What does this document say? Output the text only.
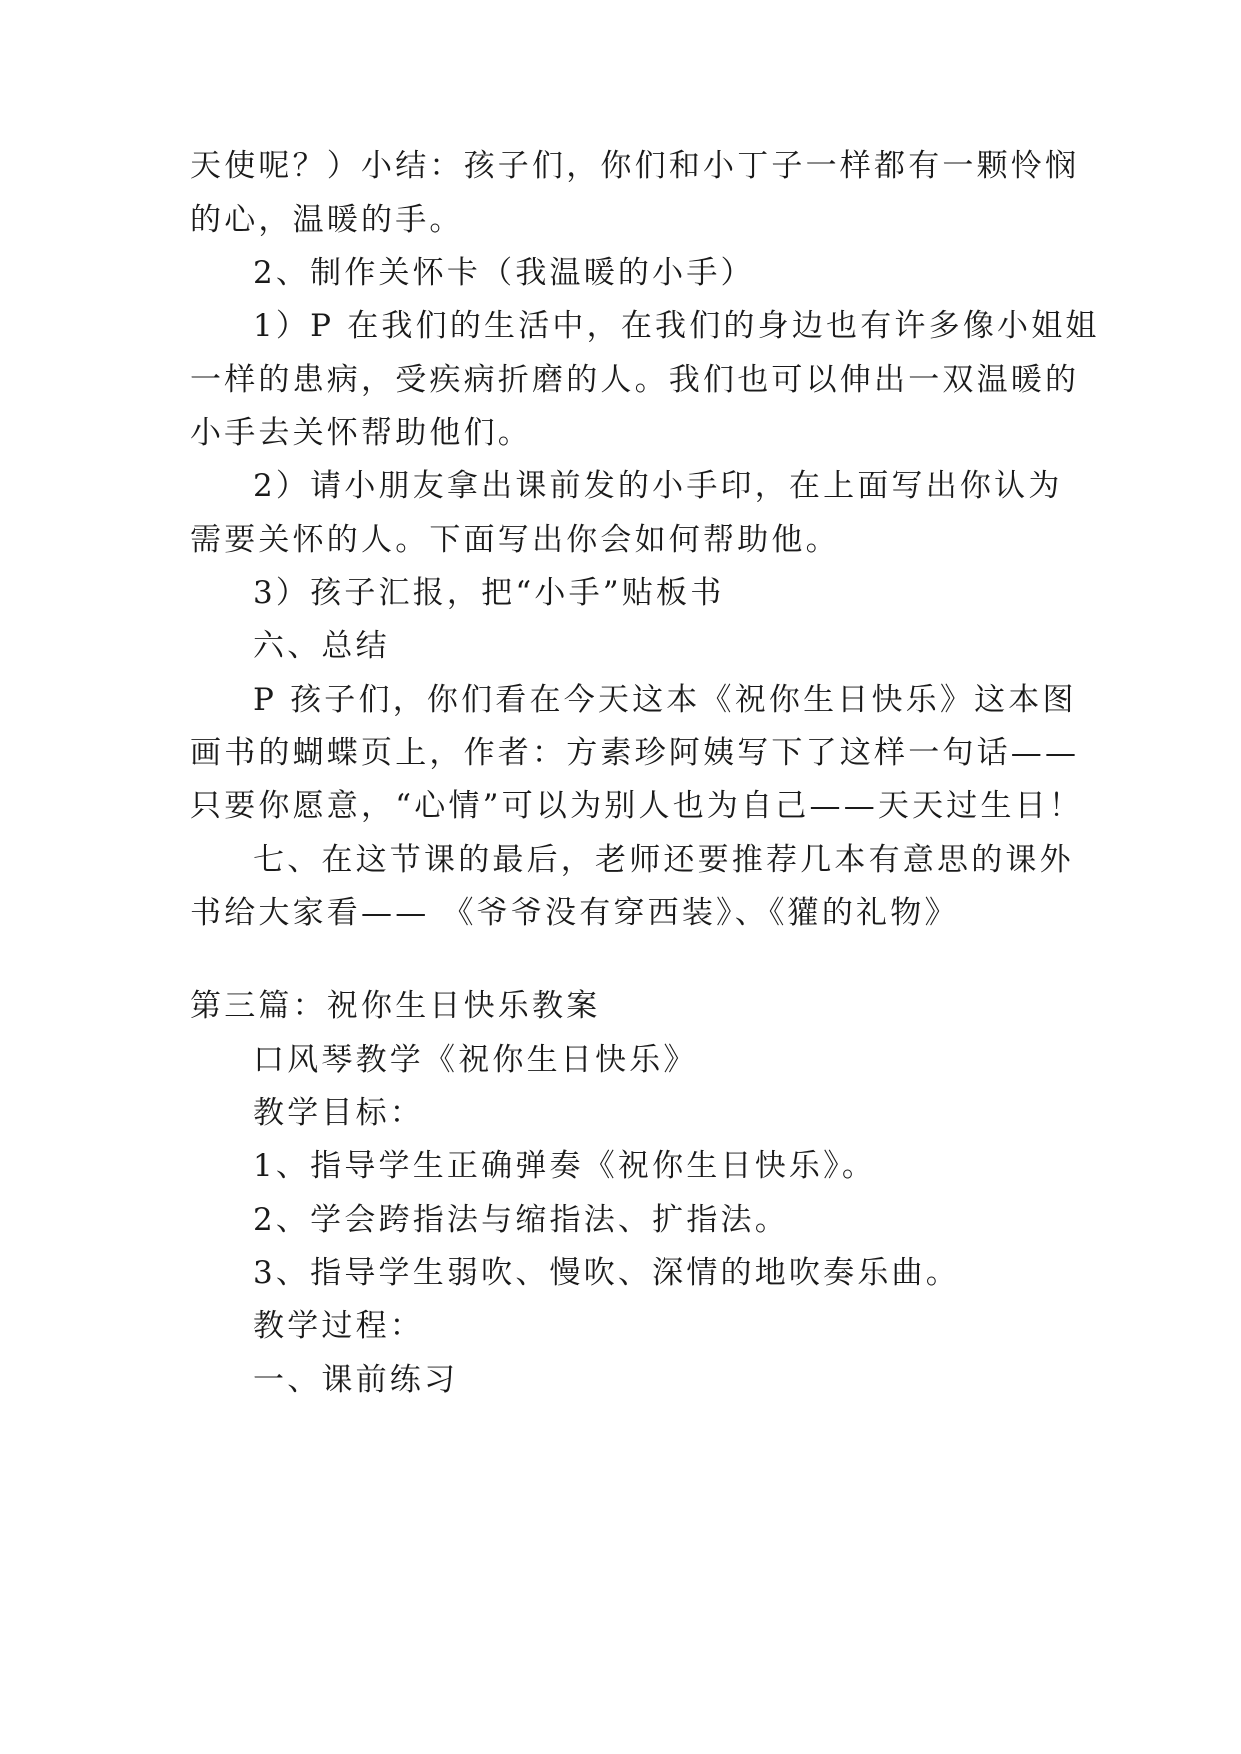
天使呢？）小结：孩子们，你们和小丁子一样都有一颗怜悯
的心，温暖的手。
2、制作关怀卡（我温暖的小手）
1）P 在我们的生活中，在我们的身边也有许多像小姐姐
一样的患病，受疾病折磨的人。我们也可以伸出一双温暖的
小手去关怀帮助他们。
2）请小朋友拿出课前发的小手印，在上面写出你认为
需要关怀的人。下面写出你会如何帮助他。
3）孩子汇报，把“小手”贴板书
六、总结
P 孩子们，你们看在今天这本《祝你生日快乐》这本图
画书的蝴蝶页上，作者：方素珍阿姨写下了这样一句话——
只要你愿意，“心情”可以为别人也为自己——天天过生日！
七、在这节课的最后，老师还要推荐几本有意思的课外
书给大家看—— 《爷爷没有穿西装》、《獾的礼物》
第三篇：祝你生日快乐教案
口风琴教学《祝你生日快乐》
教学目标：
1、指导学生正确弹奏《祝你生日快乐》。
2、学会跨指法与缩指法、扩指法。
3、指导学生弱吹、慢吹、深情的地吹奏乐曲。
教学过程：
一、课前练习
